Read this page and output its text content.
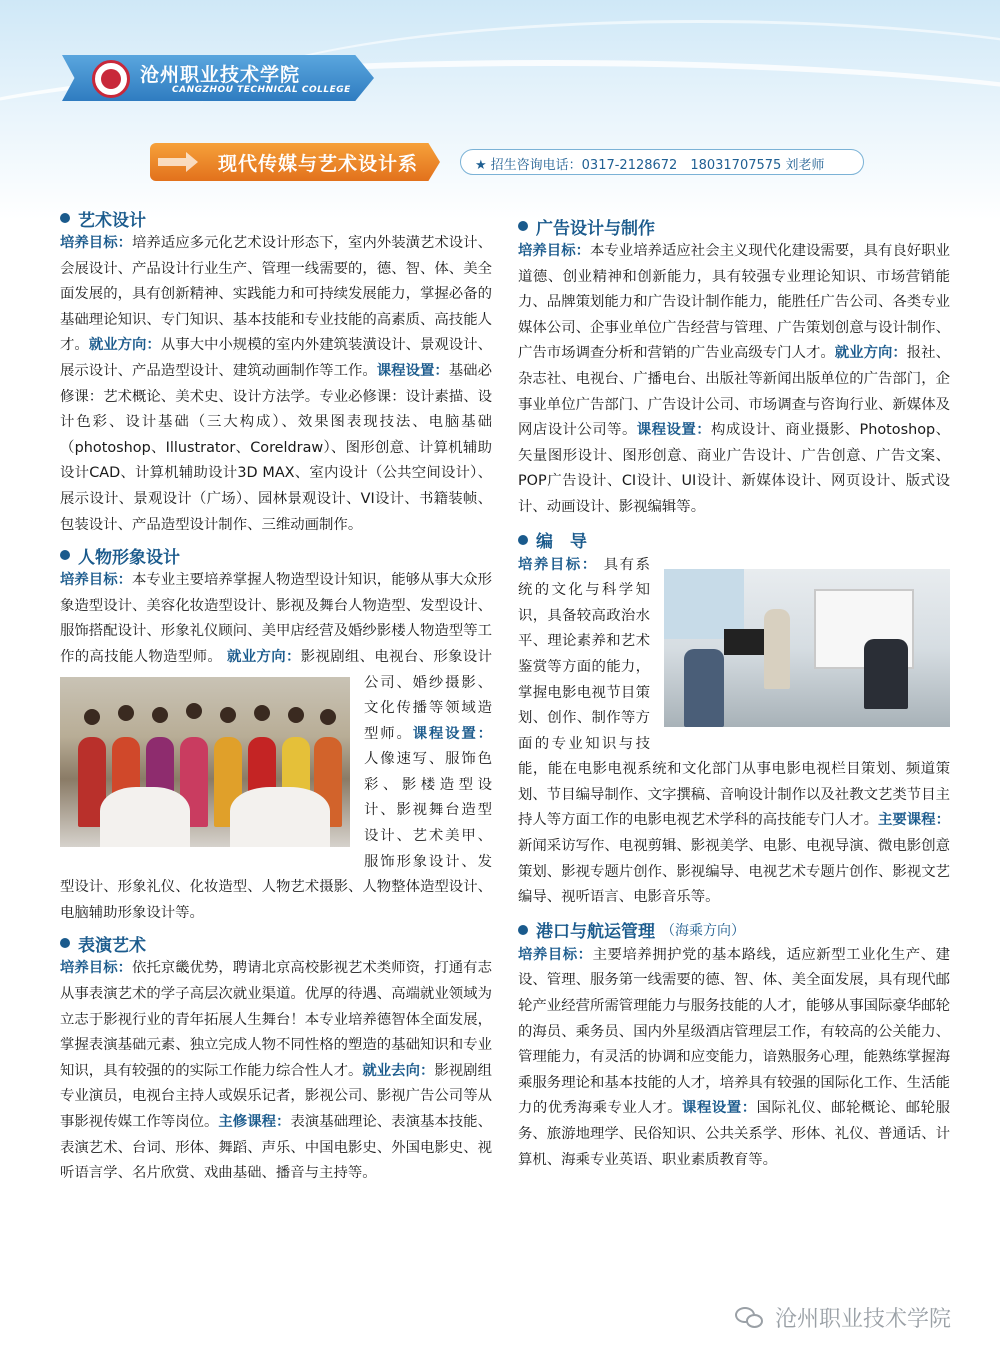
沧州职业技术学院
CANGZHOU TECHNICAL COLLEGE
现代传媒与艺术设计系	★ 招生咨询电话：0317-2128672　18031707575 刘老师
艺术设计

培养目标：培养适应多元化艺术设计形态下，室内外装潢艺术设计、会展设计、产品设计行业生产、管理一线需要的，德、智、体、美全面发展的，具有创新精神、实践能力和可持续发展能力，掌握必备的基础理论知识、专门知识、基本技能和专业技能的高素质、高技能人才。就业方向：从事大中小规模的室内外建筑装潢设计、景观设计、展示设计、产品造型设计、建筑动画制作等工作。课程设置：基础必修课：艺术概论、美术史、设计方法学。专业必修课：设计素描、设计色彩、设计基础（三大构成）、效果图表现技法、电脑基础（photoshop、Illustrator、Coreldraw）、图形创意、计算机辅助设计CAD、计算机辅助设计3D MAX、室内设计（公共空间设计）、展示设计、景观设计（广场）、园林景观设计、VI设计、书籍装帧、包装设计、产品造型设计制作、三维动画制作。

人物形象设计
培养目标：本专业主要培养掌握人物造型设计知识，能够从事大众形象造型设计、美容化妆造型设计、影视及舞台人物造型、发型设计、服饰搭配设计、形象礼仪顾问、美甲店经营及婚纱影楼人物造型等工作的高技能人物造型师。 就业方向：影视剧组、电视台、形象设计公司、婚纱摄影、文化传播等领域造型师。课程设置：人像速写、服饰色彩、影楼造型设计、影视舞台造型设计、艺术美甲、服饰形象设计、发型设计、形象礼仪、化妆造型、人物艺术摄影、人物整体造型设计、电脑辅助形象设计等。
表演艺术

培养目标：依托京畿优势，聘请北京高校影视艺术类师资，打通有志从事表演艺术的学子高层次就业渠道。优厚的待遇、高端就业领域为立志于影视行业的青年拓展人生舞台！本专业培养德智体全面发展，掌握表演基础元素、独立完成人物不同性格的塑造的基础知识和专业知识，具有较强的的实际工作能力综合性人才。就业去向：影视剧组专业演员，电视台主持人或娱乐记者，影视公司、影视广告公司等从事影视传媒工作等岗位。主修课程：表演基础理论、表演基本技能、表演艺术、台词、形体、舞蹈、声乐、中国电影史、外国电影史、视听语言学、名片欣赏、戏曲基础、播音与主持等。

广告设计与制作

培养目标：本专业培养适应社会主义现代化建设需要，具有良好职业道德、创业精神和创新能力，具有较强专业理论知识、市场营销能力、品牌策划能力和广告设计制作能力，能胜任广告公司、各类专业媒体公司、企事业单位广告经营与管理、广告策划创意与设计制作、广告市场调查分析和营销的广告业高级专门人才。就业方向：报社、杂志社、电视台、广播电台、出版社等新闻出版单位的广告部门，企事业单位广告部门、广告设计公司、市场调查与咨询行业、新媒体及网店设计公司等。课程设置：构成设计、商业摄影、Photoshop、矢量图形设计、图形创意、商业广告设计、广告创意、广告文案、POP广告设计、CI设计、UI设计、新媒体设计、网页设计、版式设计、动画设计、影视编辑等。

编　导
培养目标： 具有系统的文化与科学知识，具备较高政治水平、理论素养和艺术鉴赏等方面的能力，掌握电影电视节目策划、创作、制作等方面的专业知识与技能，能在电影电视系统和文化部门从事电影电视栏目策划、频道策划、节目编导制作、文字撰稿、音响设计制作以及社教文艺类节目主持人等方面工作的电影电视艺术学科的高技能专门人才。主要课程：新闻采访写作、电视剪辑、影视美学、电影、电视导演、微电影创意策划、影视专题片创作、影视编导、电视艺术专题片创作、影视文艺编导、视听语言、电影音乐等。
港口与航运管理 （海乘方向）

培养目标：主要培养拥护党的基本路线，适应新型工业化生产、建设、管理、服务第一线需要的德、智、体、美全面发展，具有现代邮轮产业经营所需管理能力与服务技能的人才，能够从事国际豪华邮轮的海员、乘务员、国内外星级酒店管理层工作，有较高的公关能力、管理能力，有灵活的协调和应变能力，谙熟服务心理，能熟练掌握海乘服务理论和基本技能的人才，培养具有较强的国际化工作、生活能力的优秀海乘专业人才。课程设置：国际礼仪、邮轮概论、邮轮服务、旅游地理学、民俗知识、公共关系学、形体、礼仪、普通话、计算机、海乘专业英语、职业素质教育等。

沧州职业技术学院
